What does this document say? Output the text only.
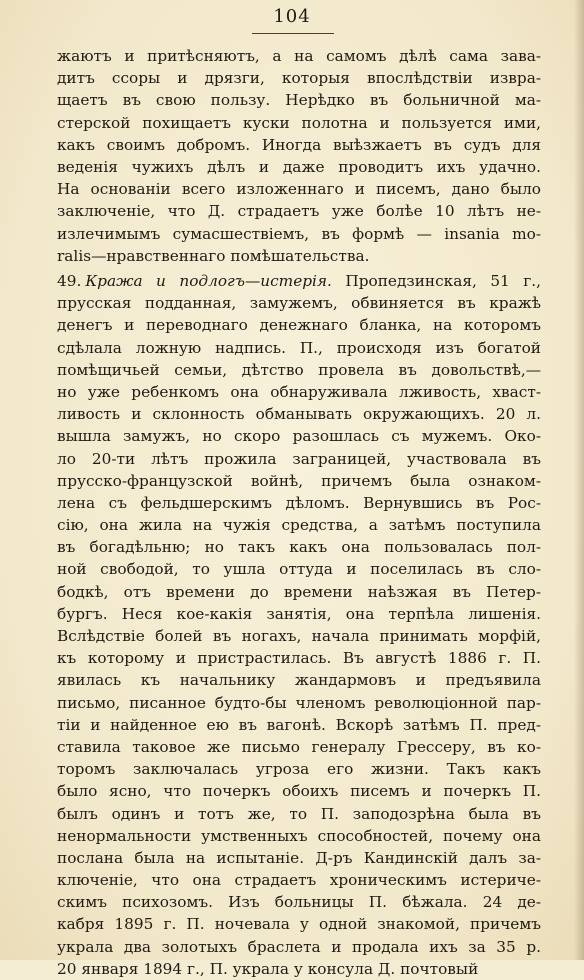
104
жаютъ и притѣсняютъ, а на самомъ дѣлѣ сама зава-
дитъ ссоры и дрязги, которыя впослѣдствіи извра-
щаетъ въ свою пользу. Нерѣдко въ больничной ма-
стерской похищаетъ куски полотна и пользуется ими,
какъ своимъ добромъ. Иногда выѣзжаетъ въ судъ для
веденія чужихъ дѣлъ и даже проводитъ ихъ удачно.
На основаніи всего изложеннаго и писемъ, дано было
заключеніе, что Д. страдаетъ уже болѣе 10 лѣтъ не-
излечимымъ сумасшествіемъ, въ формѣ — insania mo-
ralis—нравственнаго помѣшательства.
49. Кража и подлогъ—истерія. Пропедзинская, 51 г.,
прусская подданная, замужемъ, обвиняется въ кражѣ
денегъ и переводнаго денежнаго бланка, на которомъ
сдѣлала ложную надпись. П., происходя изъ богатой
помѣщичьей семьи, дѣтство провела въ довольствѣ,—
но уже ребенкомъ она обнаруживала лживость, хваст-
ливость и склонность обманывать окружающихъ. 20 л.
вышла замужъ, но скоро разошлась съ мужемъ. Око-
ло 20-ти лѣтъ прожила заграницей, участвовала въ
прусско-французской войнѣ, причемъ была ознаком-
лена съ фельдшерскимъ дѣломъ. Вернувшись въ Рос-
сію, она жила на чужія средства, а затѣмъ поступила
въ богадѣльню; но такъ какъ она пользовалась пол-
ной свободой, то ушла оттуда и поселилась въ сло-
бодкѣ, отъ времени до времени наѣзжая въ Петер-
бургъ. Неся кое-какія занятія, она терпѣла лишенія.
Вслѣдствіе болей въ ногахъ, начала принимать морфій,
къ которому и пристрастилась. Въ августѣ 1886 г. П.
явилась къ начальнику жандармовъ и предъявила
письмо, писанное будто-бы членомъ революціонной пар-
тіи и найденное ею въ вагонѣ. Вскорѣ затѣмъ П. пред-
ставила таковое же письмо генералу Грессеру, въ ко-
торомъ заключалась угроза его жизни. Такъ какъ
было ясно, что почеркъ обоихъ писемъ и почеркъ П.
былъ одинъ и тотъ же, то П. заподозрѣна была въ
ненормальности умственныхъ способностей, почему она
послана была на испытаніе. Д-ръ Кандинскій далъ за-
ключеніе, что она страдаетъ хроническимъ истериче-
скимъ психозомъ. Изъ больницы П. бѣжала. 24 де-
кабря 1895 г. П. ночевала у одной знакомой, причемъ
украла два золотыхъ браслета и продала ихъ за 35 р.
20 января 1894 г., П. украла у консула Д. почтовый
